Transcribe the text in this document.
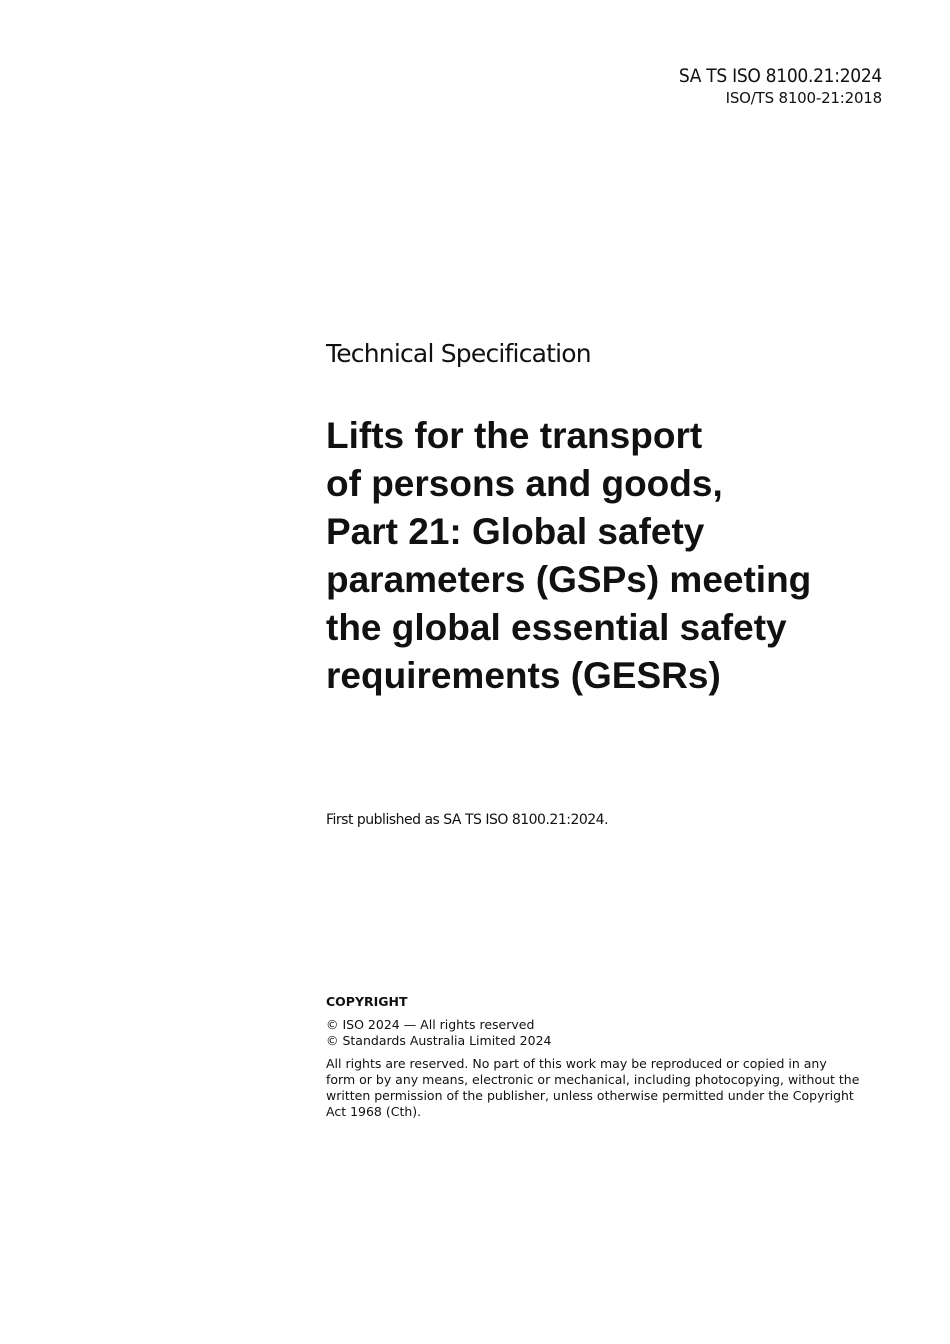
SA TS ISO 8100.21:2024
ISO/TS 8100-21:2018
Technical Specification
Lifts for the transport
of persons and goods,
Part 21: Global safety
parameters (GSPs) meeting
the global essential safety
requirements (GESRs)
First published as SA TS ISO 8100.21:2024.
COPYRIGHT
© ISO 2024 — All rights reserved
© Standards Australia Limited 2024
All rights are reserved. No part of this work may be reproduced or copied in any
form or by any means, electronic or mechanical, including photocopying, without the
written permission of the publisher, unless otherwise permitted under the Copyright
Act 1968 (Cth).
